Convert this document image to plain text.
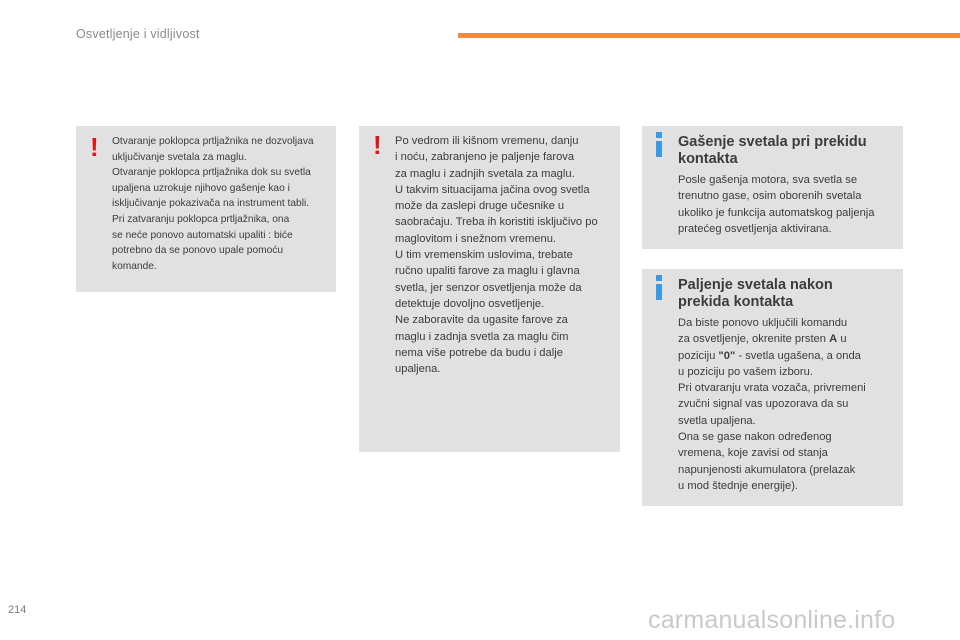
Osvetljenje i vidljivost
! Otvaranje poklopca prtljažnika ne dozvoljava
uključivanje svetala za maglu.
Otvaranje poklopca prtljažnika dok su svetla
upaljena uzrokuje njihovo gašenje kao i
isključivanje pokazivača na instrument tabli.
Pri zatvaranju poklopca prtljažnika, ona
se neće ponovo automatski upaliti : biće
potrebno da se ponovo upale pomoću
komande.
! Po vedrom ili kišnom vremenu, danju
i noću, zabranjeno je paljenje farova
za maglu i zadnjih svetala za maglu.
U takvim situacijama jačina ovog svetla
može da zaslepi druge učesnike u
saobraćaju. Treba ih koristiti isključivo po
maglovitom i snežnom vremenu.
U tim vremenskim uslovima, trebate
ručno upaliti farove za maglu i glavna
svetla, jer senzor osvetljenja može da
detektuje dovoljno osvetljenje.
Ne zaboravite da ugasite farove za
maglu i zadnja svetla za maglu čim
nema više potrebe da budu i dalje
upaljena.
Gašenje svetala pri prekidu
kontakta
Posle gašenja motora, sva svetla se
trenutno gase, osim oborenih svetala
ukoliko je funkcija automatskog paljenja
pratećeg osvetljenja aktivirana.
Paljenje svetala nakon
prekida kontakta
Da biste ponovo uključili komandu
za osvetljenje, okrenite prsten A u
poziciju "0" - svetla ugašena, a onda
u poziciju po vašem izboru.
Pri otvaranju vrata vozača, privremeni
zvučni signal vas upozorava da su
svetla upaljena.
Ona se gase nakon određenog
vremena, koje zavisi od stanja
napunjenosti akumulatora (prelazak
u mod štednje energije).
214	carmanualsonline.info
